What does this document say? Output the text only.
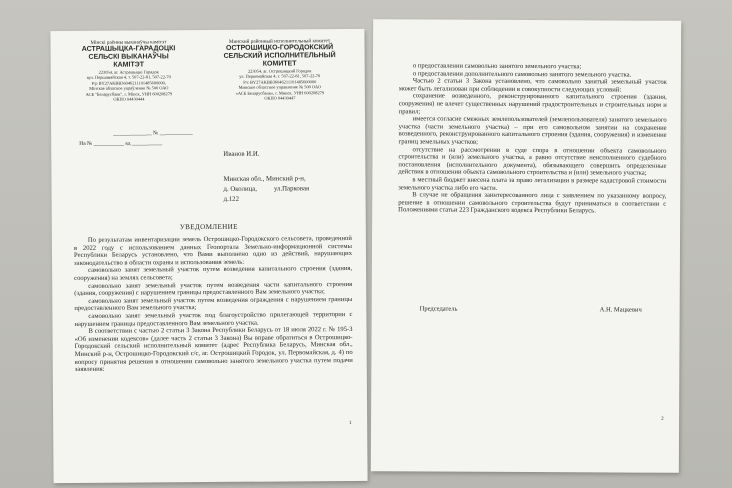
Мінскі раённы выканаўчы камітэт
АСТРАШЫЦКА-ГАРАДОЦКІ
СЕЛЬСКІ ВЫКАНАЎЧЫ
КАМІТЭТ
223054, аг. Астрашыцкі Гарадок
вул. Першамайская 4, т. 507-22-81, 507-22-70
Р/р BY27AKBB36046211101485600000,
Мінскае абласное упраўленне № 500 ОАО
АСБ "Беларусбанк", г. Мінск, УНН 600208279
ОКПО 04430444
Минский районный исполнительный комитет
ОСТРОШИЦКО-ГОРОДОКСКИЙ
СЕЛЬСКИЙ ИСПОЛНИТЕЛЬНЫЙ
КОМИТЕТ
223054, аг. Острошицкий Городок
ул. Первомайская 4, т. 507-22-81, 507-22-70
Р/с BY27AKBB36046211101485600000
Минское областное управление № 500 ОАО
«АСБ Беларусбанк», г. Минск, УНН 600208279
ОКПО 04430447
______________ № ____________
На № ___________ ад ___________
Иванов И.И.
Минская обл., Минский р-н,
д. Околица,          ул.Парковая
д.122
УВЕДОМЛЕНИЕ

По результатам инвентаризации земель Острошицко-Городокского сельсовета, проведенной в 2022 году с использованием данных Геопортала Земельно-информационной системы Республики Беларусь установлено, что Вами выполнено одно из действий, нарушающих законодательство в области охраны и использования земель:

самовольно занят земельный участок путем возведения капитального строения (здания, сооружения) на землях сельсовета;

самовольно занят земельный участок путем возведения части капитального строения (здания, сооружения) с нарушением границы предоставленного Вам земельного участка;

самовольно занят земельный участок путем возведения ограждения с нарушением границы предоставленного Вам земельного участка;

самовольно занят земельный участок под благоустройство прилегающей территории с нарушением границы предоставленного Вам земельного участка.

В соответствии с частью 2 статьи 3 Закона Республики Беларусь от 18 июля 2022 г. № 195-З «Об изменении кодексов» (далее часть 2 статьи 3 Закона) Вы вправе обратиться в Острошицко-Городокский сельский исполнительный комитет (адрес Республика Беларусь, Минская обл., Минский р-н, Острошицко-Городокский с/с, аг. Острошицкий Городок, ул. Первомайская, д. 4) по вопросу принятия решения в отношении самовольно занятого земельного участка путем подачи заявления:

1

о предоставлении самовольно занятого земельного участка;

о предоставлении дополнительного самовольно занятого земельного участка.

Частью 2 статьи 3 Закона установлено, что самовольно занятый земельный участок может быть легализован при соблюдении в совокупности следующих условий:

сохранение возведенного, реконструированного капитального строения (здания, сооружения) не влечет существенных нарушений градостроительных и строительных норм и правил;

имеется согласие смежных землепользователей (землепользователя) занятого земельного участка (части земельного участка) – при его самовольном занятии на сохранение возведенного, реконструированного капитального строения (здания, сооружения) и изменение границ земельных участков;

отсутствие на рассмотрении в суде спора в отношении объекта самовольного строительства и (или) земельного участка, а равно отсутствие неисполненного судебного постановления (исполнительного документа), обязывающего совершить определенные действия в отношении объекта самовольного строительства и (или) земельного участка;

в местный бюджет внесена плата за право легализации в размере кадастровой стоимости земельного участка либо его части.

В случае не обращения заинтересованного лица с заявлением по указанному вопросу, решение в отношении самовольного строительства будут приниматься в соответствии с Положениями статьи 223 Гражданского кодекса Республики Беларусь.

Председатель	А.Н. Мацкевич
2
